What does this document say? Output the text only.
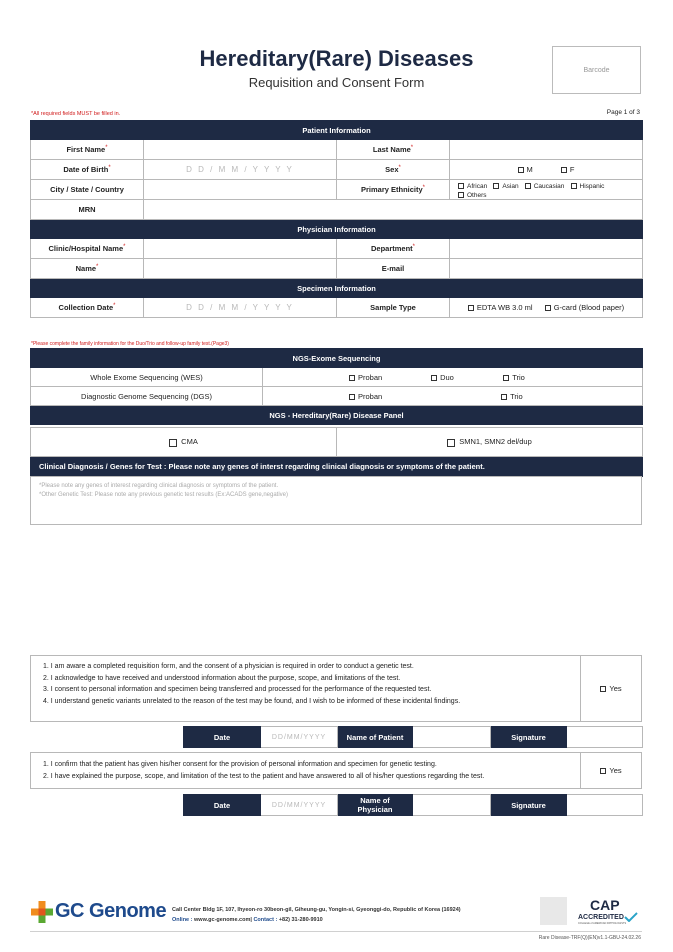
Hereditary(Rare) Diseases
Requisition and Consent Form
Barcode
*All required fields MUST be filled in.	Page 1 of 3
Patient Information			
First Name*		Last Name*	
Date of Birth*	D D / M M / Y Y Y Y	Sex*	M F
City / State / Country		Primary Ethnicity*	African Asian Caucasian Hispanic Others
MRN			
Physician Information			
Clinic/Hospital Name*		Department*	
Name*		E-mail	
Specimen Information			
Collection Date*	D D / M M / Y Y Y Y	Sample Type	EDTA WB 3.0 ml G-card (Blood paper)
*Please complete the family information for the Duo/Trio and follow-up family test.(Page3)
NGS-Exome Sequencing	
Whole Exome Sequencing (WES)	Proban Duo Trio
Diagnostic Genome Sequencing (DGS)	Proban Trio
NGS - Hereditary(Rare) Disease Panel	
CMA	SMN1, SMN2 del/dup
Clinical Diagnosis / Genes for Test : Please note any genes of interst regarding clinical diagnosis or symptoms of the patient.
*Please note any genes of interest regarding clinical diagnosis or symptoms of the patient.
*Other Genetic Test: Please note any previous genetic test results (Ex:ACADS gene,negative)
1. I am aware a completed requisition form, and the consent of a physician is required in order to conduct a genetic test.
2. I acknowledge to have received and understood information about the purpose, scope, and limitations of the test.
3. I consent to personal information and specimen being transferred and processed for the performance of the requested test.
4. I understand genetic variants unrelated to the reason of the test may be found, and I wish to be informed of these incidental findings.
Yes
Date	DD/MM/YYYY	Name of Patient		Signature	
1. I confirm that the patient has given his/her consent for the provision of personal information and specimen for genetic testing.
2. I have explained the purpose, scope, and limitation of the test to the patient and have answered to all of his/her questions regarding the test.
Yes
Date	DD/MM/YYYY	Name of Physician		Signature	
GC Genome Call Center Bldg 1F, 107, Ihyeon-ro 30beon-gil, Giheung-gu, Yongin-si, Gyeonggi-do, Republic of Korea (16924)
Online : www.gc-genome.com| Contact : +82) 31-280-9910
CAP
ACCREDITED
COLLEGE of AMERICAN PATHOLOGISTS
Rare Disease-TRF(Q)(EN)v1.1-GBU-24.02.26
